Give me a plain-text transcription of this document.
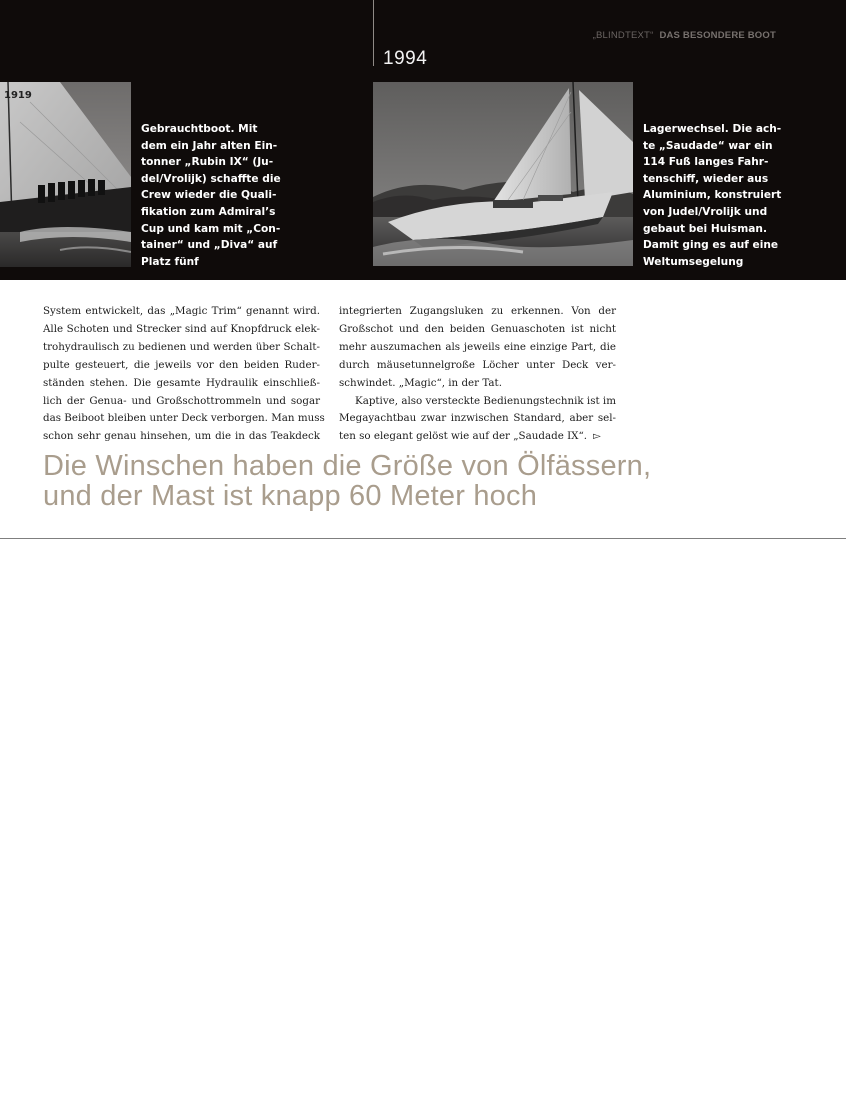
„BLINDTEXT“ DAS BESONDERE BOOT
1994
1919
Gebrauchtboot. Mit
dem ein Jahr alten Ein-
tonner „Rubin IX“ (Ju-
del/Vrolijk) schaffte die
Crew wieder die Quali-
fikation zum Admiral’s
Cup und kam mit „Con-
tainer“ und „Diva“ auf
Platz fünf
Lagerwechsel. Die ach-
te „Saudade“ war ein
114 Fuß langes Fahr-
tenschiff, wieder aus
Aluminium, konstruiert
von Judel/Vrolijk und
gebaut bei Huisman.
Damit ging es auf eine
Weltumsegelung
System entwickelt, das „Magic Trim“ genannt wird.
Alle Schoten und Strecker sind auf Knopfdruck elek-
trohydraulisch zu bedienen und werden über Schalt-
pulte gesteuert, die jeweils vor den beiden Ruder-
ständen stehen. Die gesamte Hydraulik einschließ-
lich der Genua- und Großschottrommeln und sogar
das Beiboot bleiben unter Deck verborgen. Man muss
schon sehr genau hinsehen, um die in das Teakdeck
integrierten Zugangsluken zu erkennen. Von der
Großschot und den beiden Genuaschoten ist nicht
mehr auszumachen als jeweils eine einzige Part, die
durch mäusetunnelgroße Löcher unter Deck ver-
schwindet. „Magic“, in der Tat.
Kaptive, also versteckte Bedienungstechnik ist im
Megayachtbau zwar inzwischen Standard, aber sel-
ten so elegant gelöst wie auf der „Saudade IX“. ▻
Die Winschen haben die Größe von Ölfässern,
und der Mast ist knapp 60 Meter hoch
